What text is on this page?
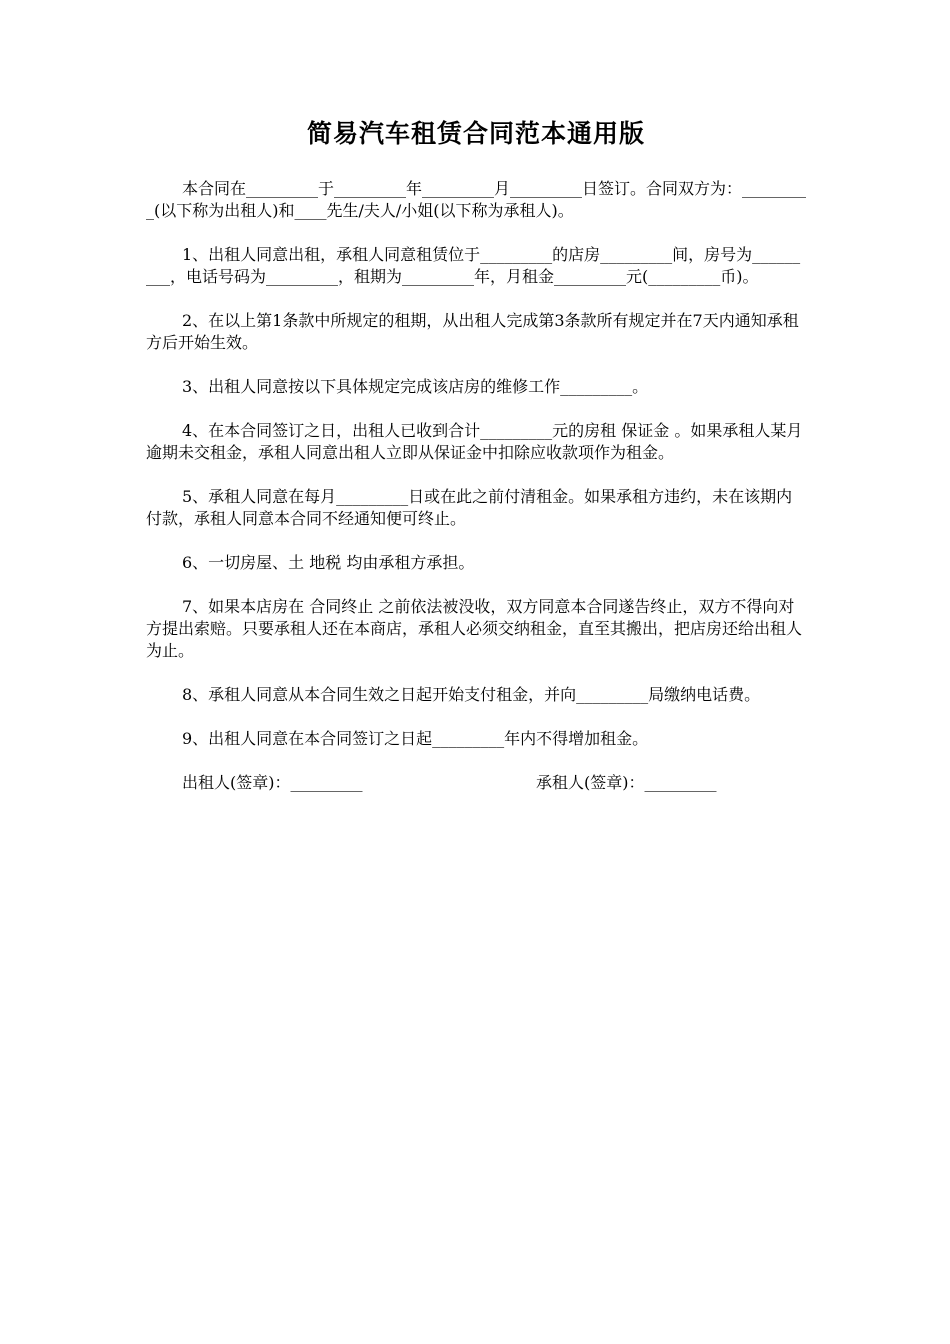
简易汽车租赁合同范本通用版

本合同在_________于_________年_________月_________日签订。合同双方为：_________(以下称为出租人)和____先生/夫人/小姐(以下称为承租人)。

1、出租人同意出租，承租人同意租赁位于_________的店房_________间，房号为_________，电话号码为_________，租期为_________年，月租金_________元(_________币)。

2、在以上第1条款中所规定的租期，从出租人完成第3条款所有规定并在7天内通知承租方后开始生效。

3、出租人同意按以下具体规定完成该店房的维修工作_________。

4、在本合同签订之日，出租人已收到合计_________元的房租 保证金 。如果承租人某月逾期未交租金，承租人同意出租人立即从保证金中扣除应收款项作为租金。

5、承租人同意在每月_________日或在此之前付清租金。如果承租方违约，未在该期内付款，承租人同意本合同不经通知便可终止。

6、一切房屋、土 地税 均由承租方承担。

7、如果本店房在 合同终止 之前依法被没收，双方同意本合同遂告终止，双方不得向对方提出索赔。只要承租人还在本商店，承租人必须交纳租金，直至其搬出，把店房还给出租人为止。

8、承租人同意从本合同生效之日起开始支付租金，并向_________局缴纳电话费。

9、出租人同意在本合同签订之日起_________年内不得增加租金。

出租人(签章)：_________	承租人(签章)：_________
